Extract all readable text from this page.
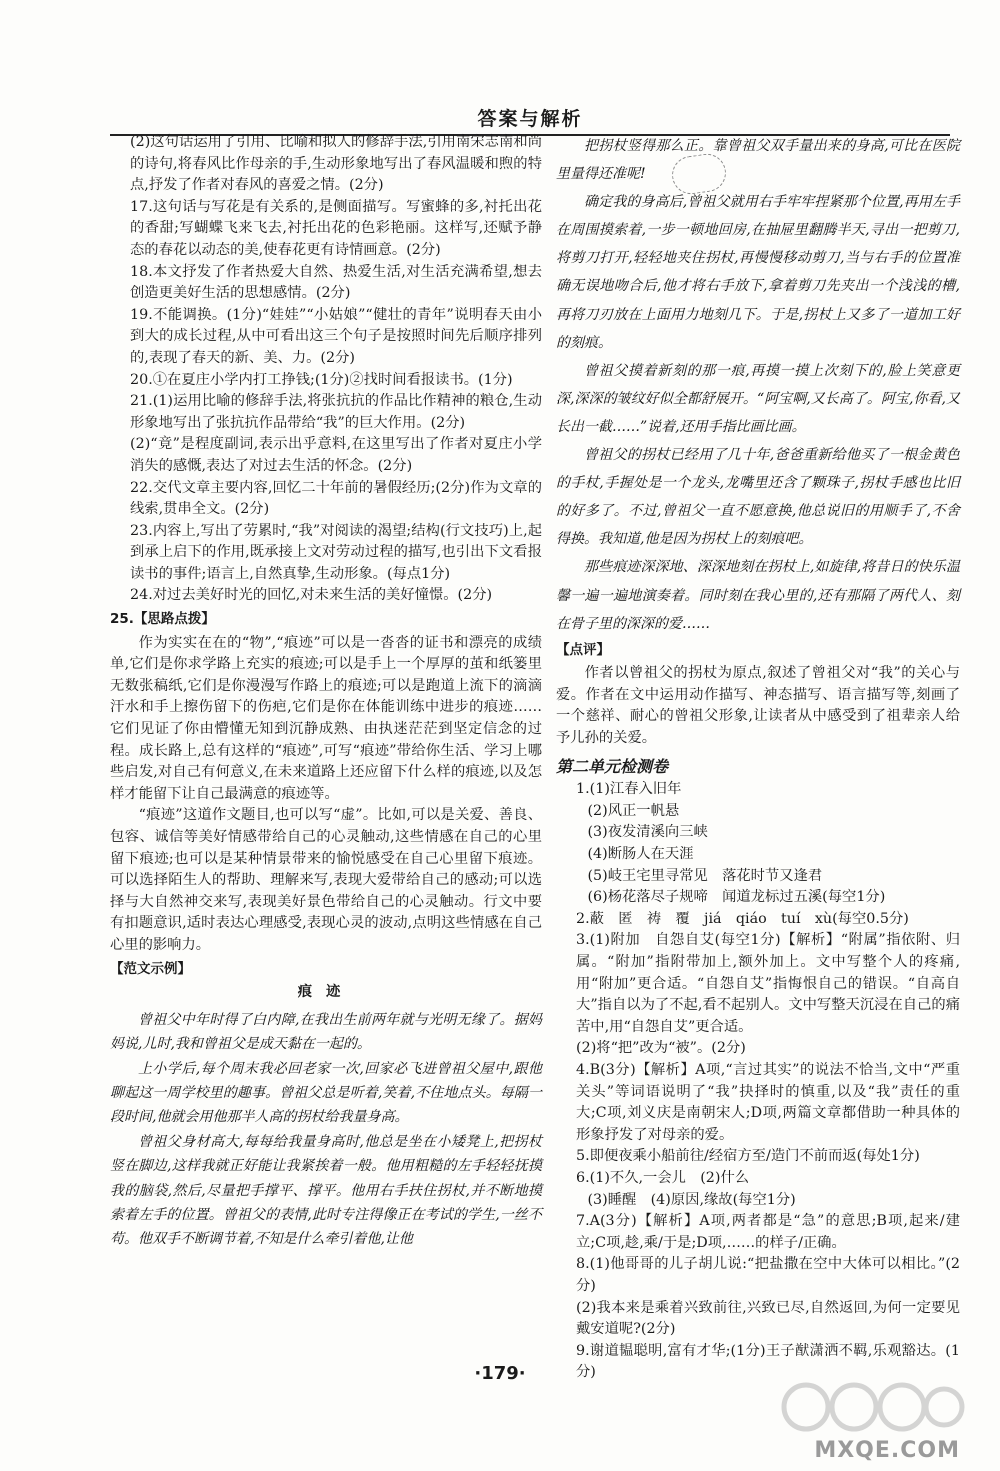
答案与解析

(2)这句话运用了引用、比喻和拟人的修辞手法,引用南宋志南和尚的诗句,将春风比作母亲的手,生动形象地写出了春风温暖和煦的特点,抒发了作者对春风的喜爱之情。(2分)

17.这句话与写花是有关系的,是侧面描写。写蜜蜂的多,衬托出花的香甜;写蝴蝶飞来飞去,衬托出花的色彩艳丽。这样写,还赋予静态的春花以动态的美,使春花更有诗情画意。(2分)

18.本文抒发了作者热爱大自然、热爱生活,对生活充满希望,想去创造更美好生活的思想感情。(2分)

19.不能调换。(1分)“娃娃”“小姑娘”“健壮的青年”说明春天由小到大的成长过程,从中可看出这三个句子是按照时间先后顺序排列的,表现了春天的新、美、力。(2分)

20.①在夏庄小学内打工挣钱;(1分)②找时间看报读书。(1分)

21.(1)运用比喻的修辞手法,将张抗抗的作品比作精神的粮仓,生动形象地写出了张抗抗作品带给“我”的巨大作用。(2分)

(2)“竟”是程度副词,表示出乎意料,在这里写出了作者对夏庄小学消失的感慨,表达了对过去生活的怀念。(2分)

22.交代文章主要内容,回忆二十年前的暑假经历;(2分)作为文章的线索,贯串全文。(2分)

23.内容上,写出了劳累时,“我”对阅读的渴望;结构(行文技巧)上,起到承上启下的作用,既承接上文对劳动过程的描写,也引出下文看报读书的事件;语言上,自然真挚,生动形象。(每点1分)

24.对过去美好时光的回忆,对未来生活的美好憧憬。(2分)

25.【思路点拨】

作为实实在在的“物”,“痕迹”可以是一沓沓的证书和漂亮的成绩单,它们是你求学路上充实的痕迹;可以是手上一个厚厚的茧和纸篓里无数张稿纸,它们是你漫漫写作路上的痕迹;可以是跑道上流下的滴滴汗水和手上擦伤留下的伤疤,它们是你在体能训练中进步的痕迹……它们见证了你由懵懂无知到沉静成熟、由执迷茫茫到坚定信念的过程。成长路上,总有这样的“痕迹”,可写“痕迹”带给你生活、学习上哪些启发,对自己有何意义,在未来道路上还应留下什么样的痕迹,以及怎样才能留下让自己最满意的痕迹等。

“痕迹”这道作文题目,也可以写“虚”。比如,可以是关爱、善良、包容、诚信等美好情感带给自己的心灵触动,这些情感在自己的心里留下痕迹;也可以是某种情景带来的愉悦感受在自己心里留下痕迹。可以选择陌生人的帮助、理解来写,表现大爱带给自己的感动;可以选择与大自然神交来写,表现美好景色带给自己的心灵触动。行文中要有扣题意识,适时表达心理感受,表现心灵的波动,点明这些情感在自己心里的影响力。

【范文示例】

痕迹

曾祖父中年时得了白内障,在我出生前两年就与光明无缘了。据妈妈说,儿时,我和曾祖父是成天黏在一起的。

上小学后,每个周末我必回老家一次,回家必飞进曾祖父屋中,跟他聊起这一周学校里的趣事。曾祖父总是听着,笑着,不住地点头。每隔一段时间,他就会用他那半人高的拐杖给我量身高。

曾祖父身材高大,每每给我量身高时,他总是坐在小矮凳上,把拐杖竖在脚边,这样我就正好能让我紧挨着一般。他用粗糙的左手轻轻抚摸我的脑袋,然后,尽量把手撑平、撑平。他用右手扶住拐杖,并不断地摸索着左手的位置。曾祖父的表情,此时专注得像正在考试的学生,一丝不苟。他双手不断调节着,不知是什么牵引着他,让他

把拐杖竖得那么正。靠曾祖父双手量出来的身高,可比在医院里量得还准呢!

确定我的身高后,曾祖父就用右手牢牢捏紧那个位置,再用左手在周围摸索着,一步一顿地回房,在抽屉里翻腾半天,寻出一把剪刀,将剪刀打开,轻轻地夹住拐杖,再慢慢移动剪刀,当与右手的位置准确无误地吻合后,他才将右手放下,拿着剪刀先夹出一个浅浅的槽,再将刀刃放在上面用力地刻几下。于是,拐杖上又多了一道加工好的刻痕。

曾祖父摸着新刻的那一痕,再摸一摸上次刻下的,脸上笑意更深,深深的皱纹好似全都舒展开。“阿宝啊,又长高了。阿宝,你看,又长出一截……”说着,还用手指比画比画。

曾祖父的拐杖已经用了几十年,爸爸重新给他买了一根金黄色的手杖,手握处是一个龙头,龙嘴里还含了颗珠子,拐杖手感也比旧的好多了。不过,曾祖父一直不愿意换,他总说旧的用顺手了,不舍得换。我知道,他是因为拐杖上的刻痕吧。

那些痕迹深深地、深深地刻在拐杖上,如旋律,将昔日的快乐温馨一遍一遍地演奏着。同时刻在我心里的,还有那隔了两代人、刻在骨子里的深深的爱……

【点评】

作者以曾祖父的拐杖为原点,叙述了曾祖父对“我”的关心与爱。作者在文中运用动作描写、神态描写、语言描写等,刻画了一个慈祥、耐心的曾祖父形象,让读者从中感受到了祖辈亲人给予儿孙的关爱。

第二单元检测卷

1.(1)江春入旧年

(2)风正一帆悬

(3)夜发清溪向三峡

(4)断肠人在天涯

(5)岐王宅里寻常见　落花时节又逢君

(6)杨花落尽子规啼　闻道龙标过五溪(每空1分)

2.蔽　匿　祷　覆　jiá　qiáo　tuí　xù(每空0.5分)

3.(1)附加　自怨自艾(每空1分)【解析】“附属”指依附、归属。“附加”指附带加上,额外加上。文中写整个人的疼痛,用“附加”更合适。“自怨自艾”指悔恨自己的错误。“自高自大”指自以为了不起,看不起别人。文中写整天沉浸在自己的痛苦中,用“自怨自艾”更合适。

(2)将“把”改为“被”。(2分)

4.B(3分)【解析】A项,“言过其实”的说法不恰当,文中“严重关头”等词语说明了“我”抉择时的慎重,以及“我”责任的重大;C项,刘义庆是南朝宋人;D项,两篇文章都借助一种具体的形象抒发了对母亲的爱。

5.即便夜乘小船前往/经宿方至/造门不前而返(每处1分)

6.(1)不久,一会儿　(2)什么

(3)睡醒　(4)原因,缘故(每空1分)

7.A(3分)【解析】A项,两者都是“急”的意思;B项,起来/建立;C项,趁,乘/于是;D项,……的样子/正确。

8.(1)他哥哥的儿子胡儿说:“把盐撒在空中大体可以相比。”(2分)

(2)我本来是乘着兴致前往,兴致已尽,自然返回,为何一定要见戴安道呢?(2分)

9.谢道韫聪明,富有才华;(1分)王子猷潇洒不羁,乐观豁达。(1分)

·179·
MXQE.COM
